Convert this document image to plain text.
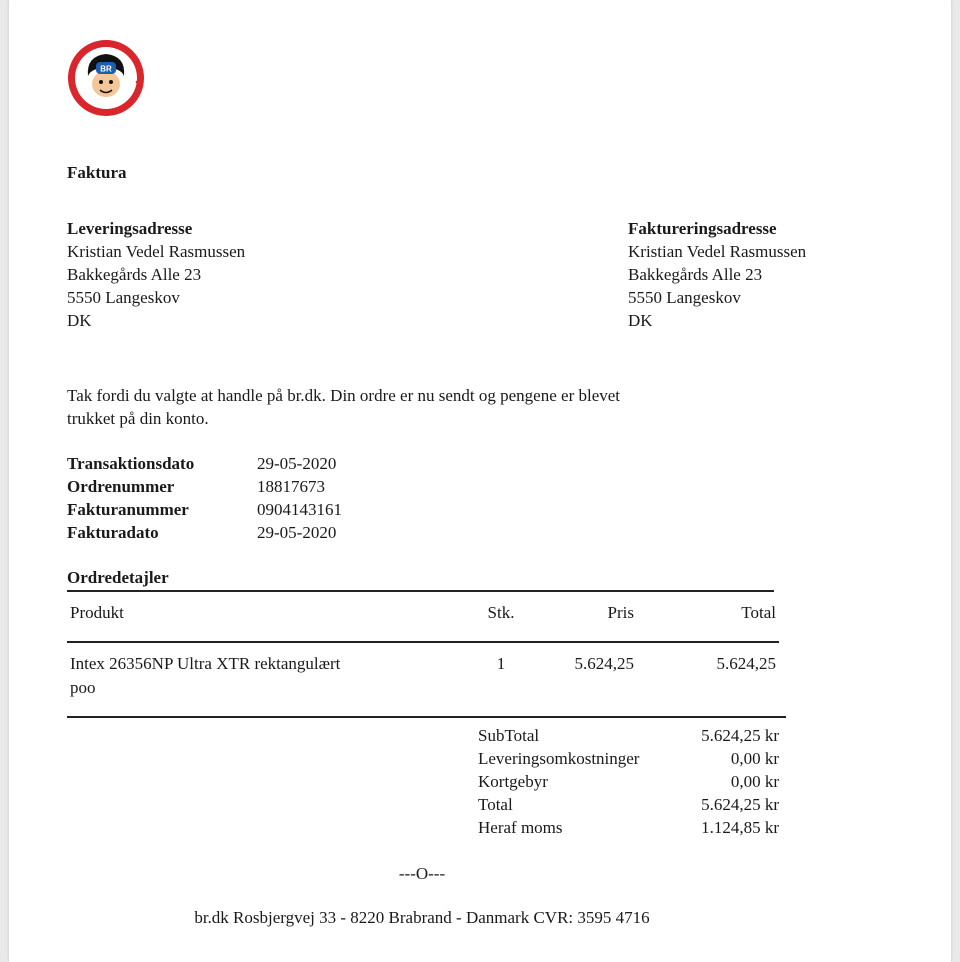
BR
Faktura
Leveringsadresse
Kristian Vedel Rasmussen
Bakkegårds Alle 23
5550 Langeskov
DK
Faktureringsadresse
Kristian Vedel Rasmussen
Bakkegårds Alle 23
5550 Langeskov
DK
Tak fordi du valgte at handle på br.dk. Din ordre er nu sendt og pengene er blevet
trukket på din konto.
Transaktionsdato	29-05-2020
Ordrenummer	18817673
Fakturanummer	0904143161
Fakturadato	29-05-2020
Ordredetajler
Produkt	Stk.	Pris	Total
Intex 26356NP Ultra XTR rektangulært
poo
1	5.624,25	5.624,25
SubTotal	5.624,25 kr
Leveringsomkostninger	0,00 kr
Kortgebyr	0,00 kr
Total	5.624,25 kr
Heraf moms	1.124,85 kr
---O---
br.dk Rosbjergvej 33 - 8220 Brabrand - Danmark CVR: 3595 4716
